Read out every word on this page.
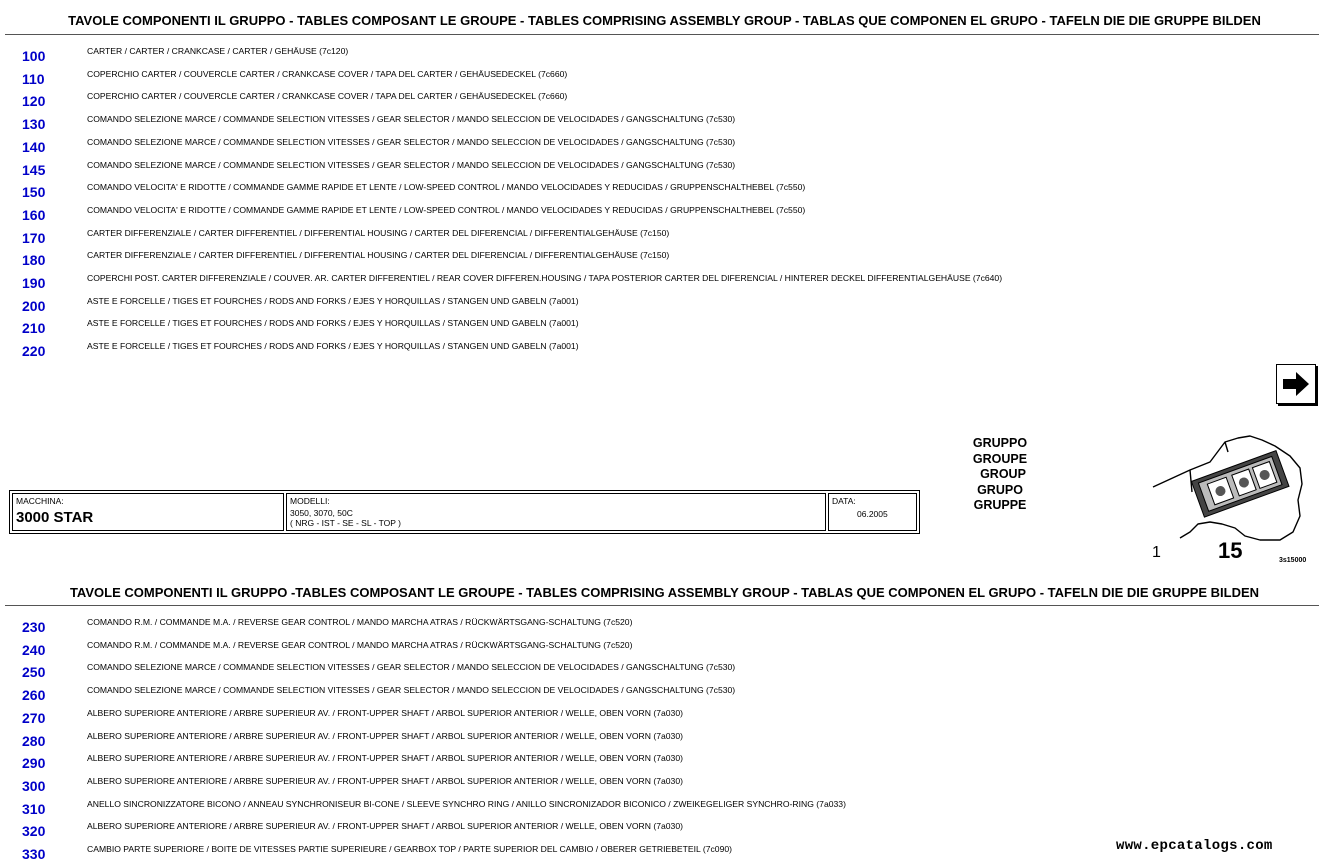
TAVOLE COMPONENTI IL GRUPPO - TABLES COMPOSANT LE GROUPE - TABLES COMPRISING ASSEMBLY GROUP - TABLAS QUE COMPONEN EL GRUPO - TAFELN DIE DIE GRUPPE BILDEN
100	CARTER / CARTER / CRANKCASE / CARTER / GEHÄUSE (7c120)
110	COPERCHIO CARTER / COUVERCLE CARTER / CRANKCASE COVER / TAPA DEL CARTER / GEHÄUSEDECKEL (7c660)
120	COPERCHIO CARTER / COUVERCLE CARTER / CRANKCASE COVER / TAPA DEL CARTER / GEHÄUSEDECKEL (7c660)
130	COMANDO SELEZIONE MARCE / COMMANDE SELECTION VITESSES / GEAR SELECTOR / MANDO SELECCION DE VELOCIDADES / GANGSCHALTUNG (7c530)
140	COMANDO SELEZIONE MARCE / COMMANDE SELECTION VITESSES / GEAR SELECTOR / MANDO SELECCION DE VELOCIDADES / GANGSCHALTUNG (7c530)
145	COMANDO SELEZIONE MARCE / COMMANDE SELECTION VITESSES / GEAR SELECTOR / MANDO SELECCION DE VELOCIDADES / GANGSCHALTUNG (7c530)
150	COMANDO VELOCITA' E RIDOTTE / COMMANDE GAMME RAPIDE ET LENTE / LOW-SPEED CONTROL / MANDO VELOCIDADES Y REDUCIDAS / GRUPPENSCHALTHEBEL (7c550)
160	COMANDO VELOCITA' E RIDOTTE / COMMANDE GAMME RAPIDE ET LENTE / LOW-SPEED CONTROL / MANDO VELOCIDADES Y REDUCIDAS / GRUPPENSCHALTHEBEL (7c550)
170	CARTER DIFFERENZIALE / CARTER DIFFERENTIEL / DIFFERENTIAL HOUSING / CARTER DEL DIFERENCIAL / DIFFERENTIALGEHÄUSE (7c150)
180	CARTER DIFFERENZIALE / CARTER DIFFERENTIEL / DIFFERENTIAL HOUSING / CARTER DEL DIFERENCIAL / DIFFERENTIALGEHÄUSE (7c150)
190	COPERCHI POST. CARTER DIFFERENZIALE / COUVER. AR. CARTER DIFFERENTIEL / REAR COVER DIFFEREN.HOUSING / TAPA POSTERIOR CARTER DEL DIFERENCIAL / HINTERER DECKEL DIFFERENTIALGEHÄUSE (7c640)
200	ASTE E FORCELLE / TIGES ET FOURCHES / RODS AND FORKS / EJES Y HORQUILLAS / STANGEN UND GABELN (7a001)
210	ASTE E FORCELLE / TIGES ET FOURCHES / RODS AND FORKS / EJES Y HORQUILLAS / STANGEN UND GABELN (7a001)
220	ASTE E FORCELLE / TIGES ET FOURCHES / RODS AND FORKS / EJES Y HORQUILLAS / STANGEN UND GABELN (7a001)
MACCHINA:
3000 STAR
MODELLI:
3050, 3070, 50C
( NRG - IST - SE - SL - TOP )
DATA:
06.2005
GRUPPO
GROUPE
GROUP
GRUPO
GRUPPE
1	15	3s15000
TAVOLE COMPONENTI IL GRUPPO -TABLES COMPOSANT LE GROUPE - TABLES COMPRISING ASSEMBLY GROUP - TABLAS QUE COMPONEN EL GRUPO - TAFELN DIE DIE GRUPPE BILDEN
230	COMANDO R.M. / COMMANDE M.A. / REVERSE GEAR CONTROL / MANDO MARCHA ATRAS / RÜCKWÄRTSGANG-SCHALTUNG (7c520)
240	COMANDO R.M. / COMMANDE M.A. / REVERSE GEAR CONTROL / MANDO MARCHA ATRAS / RÜCKWÄRTSGANG-SCHALTUNG (7c520)
250	COMANDO SELEZIONE MARCE / COMMANDE SELECTION VITESSES / GEAR SELECTOR / MANDO SELECCION DE VELOCIDADES / GANGSCHALTUNG (7c530)
260	COMANDO SELEZIONE MARCE / COMMANDE SELECTION VITESSES / GEAR SELECTOR / MANDO SELECCION DE VELOCIDADES / GANGSCHALTUNG (7c530)
270	ALBERO SUPERIORE ANTERIORE / ARBRE SUPERIEUR AV. / FRONT-UPPER SHAFT / ARBOL SUPERIOR ANTERIOR / WELLE, OBEN VORN (7a030)
280	ALBERO SUPERIORE ANTERIORE / ARBRE SUPERIEUR AV. / FRONT-UPPER SHAFT / ARBOL SUPERIOR ANTERIOR / WELLE, OBEN VORN (7a030)
290	ALBERO SUPERIORE ANTERIORE / ARBRE SUPERIEUR AV. / FRONT-UPPER SHAFT / ARBOL SUPERIOR ANTERIOR / WELLE, OBEN VORN (7a030)
300	ALBERO SUPERIORE ANTERIORE / ARBRE SUPERIEUR AV. / FRONT-UPPER SHAFT / ARBOL SUPERIOR ANTERIOR / WELLE, OBEN VORN (7a030)
310	ANELLO SINCRONIZZATORE BICONO / ANNEAU SYNCHRONISEUR BI-CONE / SLEEVE SYNCHRO RING / ANILLO SINCRONIZADOR BICONICO / ZWEIKEGELIGER SYNCHRO-RING (7a033)
320	ALBERO SUPERIORE ANTERIORE / ARBRE SUPERIEUR AV. / FRONT-UPPER SHAFT / ARBOL SUPERIOR ANTERIOR / WELLE, OBEN VORN (7a030)
330	CAMBIO PARTE SUPERIORE / BOITE DE VITESSES PARTIE SUPERIEURE / GEARBOX TOP / PARTE SUPERIOR DEL CAMBIO / OBERER GETRIEBETEIL (7c090)	www.epcatalogs.com
